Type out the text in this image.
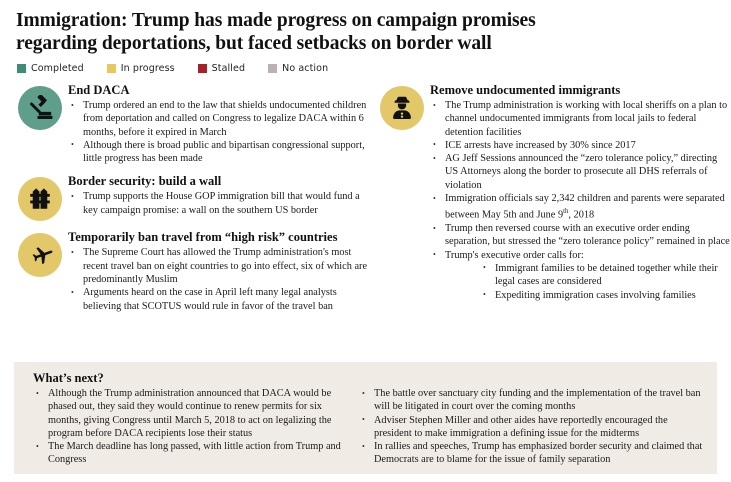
Immigration: Trump has made progress on campaign promises
regarding deportations, but faced setbacks on border wall
Completed	In progress	Stalled	No action
End DACA
• Trump ordered an end to the law that shields undocumented children from deportation and called on Congress to legalize DACA within 6 months, before it expired in March
• Although there is broad public and bipartisan congressional support, little progress has been made
Border security: build a wall
• Trump supports the House GOP immigration bill that would fund a key campaign promise: a wall on the southern US border
Temporarily ban travel from “high risk” countries
• The Supreme Court has allowed the Trump administration's most recent travel ban on eight countries to go into effect, six of which are predominantly Muslim
• Arguments heard on the case in April left many legal analysts believing that SCOTUS would rule in favor of the travel ban
Remove undocumented immigrants
• The Trump administration is working with local sheriffs on a plan to channel undocumented immigrants from local jails to federal detention facilities
• ICE arrests have increased by 30% since 2017
• AG Jeff Sessions announced the “zero tolerance policy,” directing US Attorneys along the border to prosecute all DHS referrals of violation
• Immigration officials say 2,342 children and parents were separated between May 5th and June 9th, 2018
• Trump then reversed course with an executive order ending separation, but stressed the “zero tolerance policy” remained in place
• Trump's executive order calls for:
• Immigrant families to be detained together while their legal cases are considered
• Expediting immigration cases involving families
What’s next?
• Although the Trump administration announced that DACA would be phased out, they said they would continue to renew permits for six months, giving Congress until March 5, 2018 to act on legalizing the program before DACA recipients lose their status
• The March deadline has long passed, with little action from Trump and Congress
• The battle over sanctuary city funding and the implementation of the travel ban will be litigated in court over the coming months
• Adviser Stephen Miller and other aides have reportedly encouraged the president to make immigration a defining issue for the midterms
• In rallies and speeches, Trump has emphasized border security and claimed that Democrats are to blame for the issue of family separation
